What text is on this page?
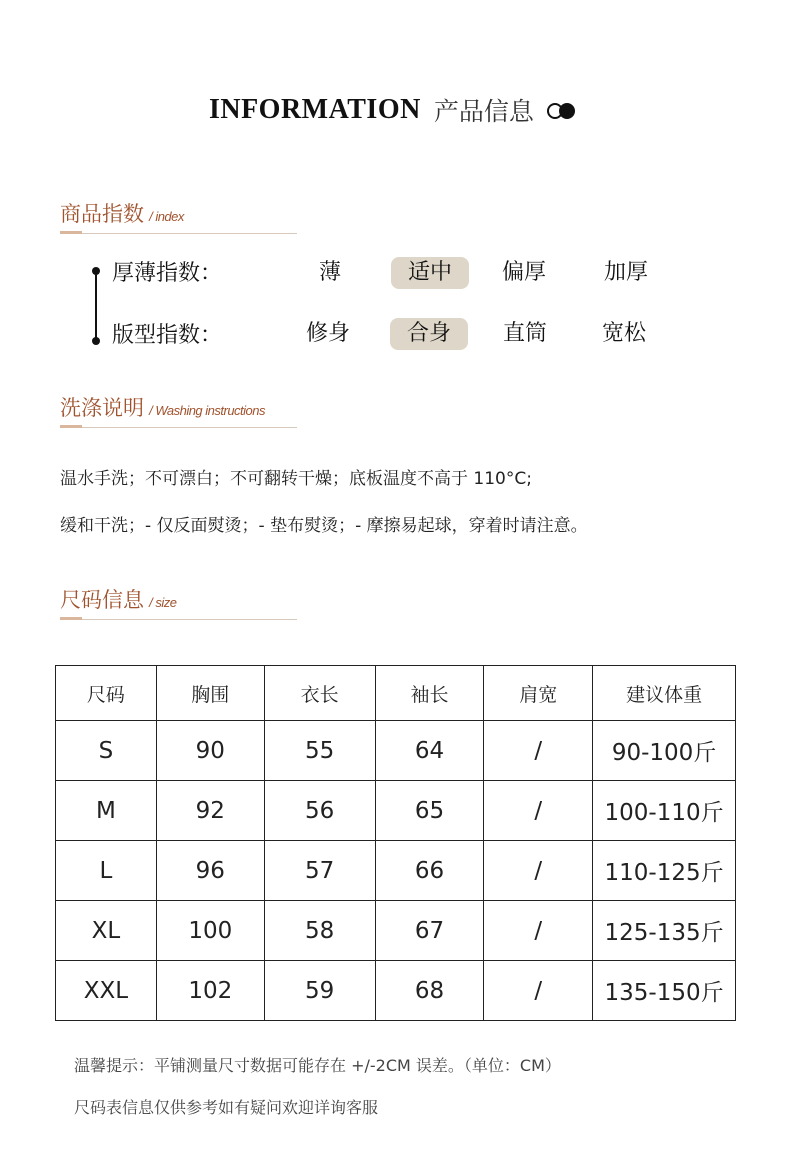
INFORMATION 产品信息
商品指数 / index
厚薄指数：	薄	适中	偏厚	加厚
版型指数：	修身	合身	直筒	宽松
洗涤说明 / Washing instructions
温水手洗；不可漂白；不可翻转干燥；底板温度不高于 110°C;
缓和干洗；- 仅反面熨烫；- 垫布熨烫；- 摩擦易起球，穿着时请注意。
尺码信息 / size
尺码	胸围	衣长	袖长	肩宽	建议体重
S	90	55	64	/	90-100斤
M	92	56	65	/	100-110斤
L	96	57	66	/	110-125斤
XL	100	58	67	/	125-135斤
XXL	102	59	68	/	135-150斤
温馨提示：平铺测量尺寸数据可能存在 +/-2CM 误差。（单位：CM）
尺码表信息仅供参考如有疑问欢迎详询客服
